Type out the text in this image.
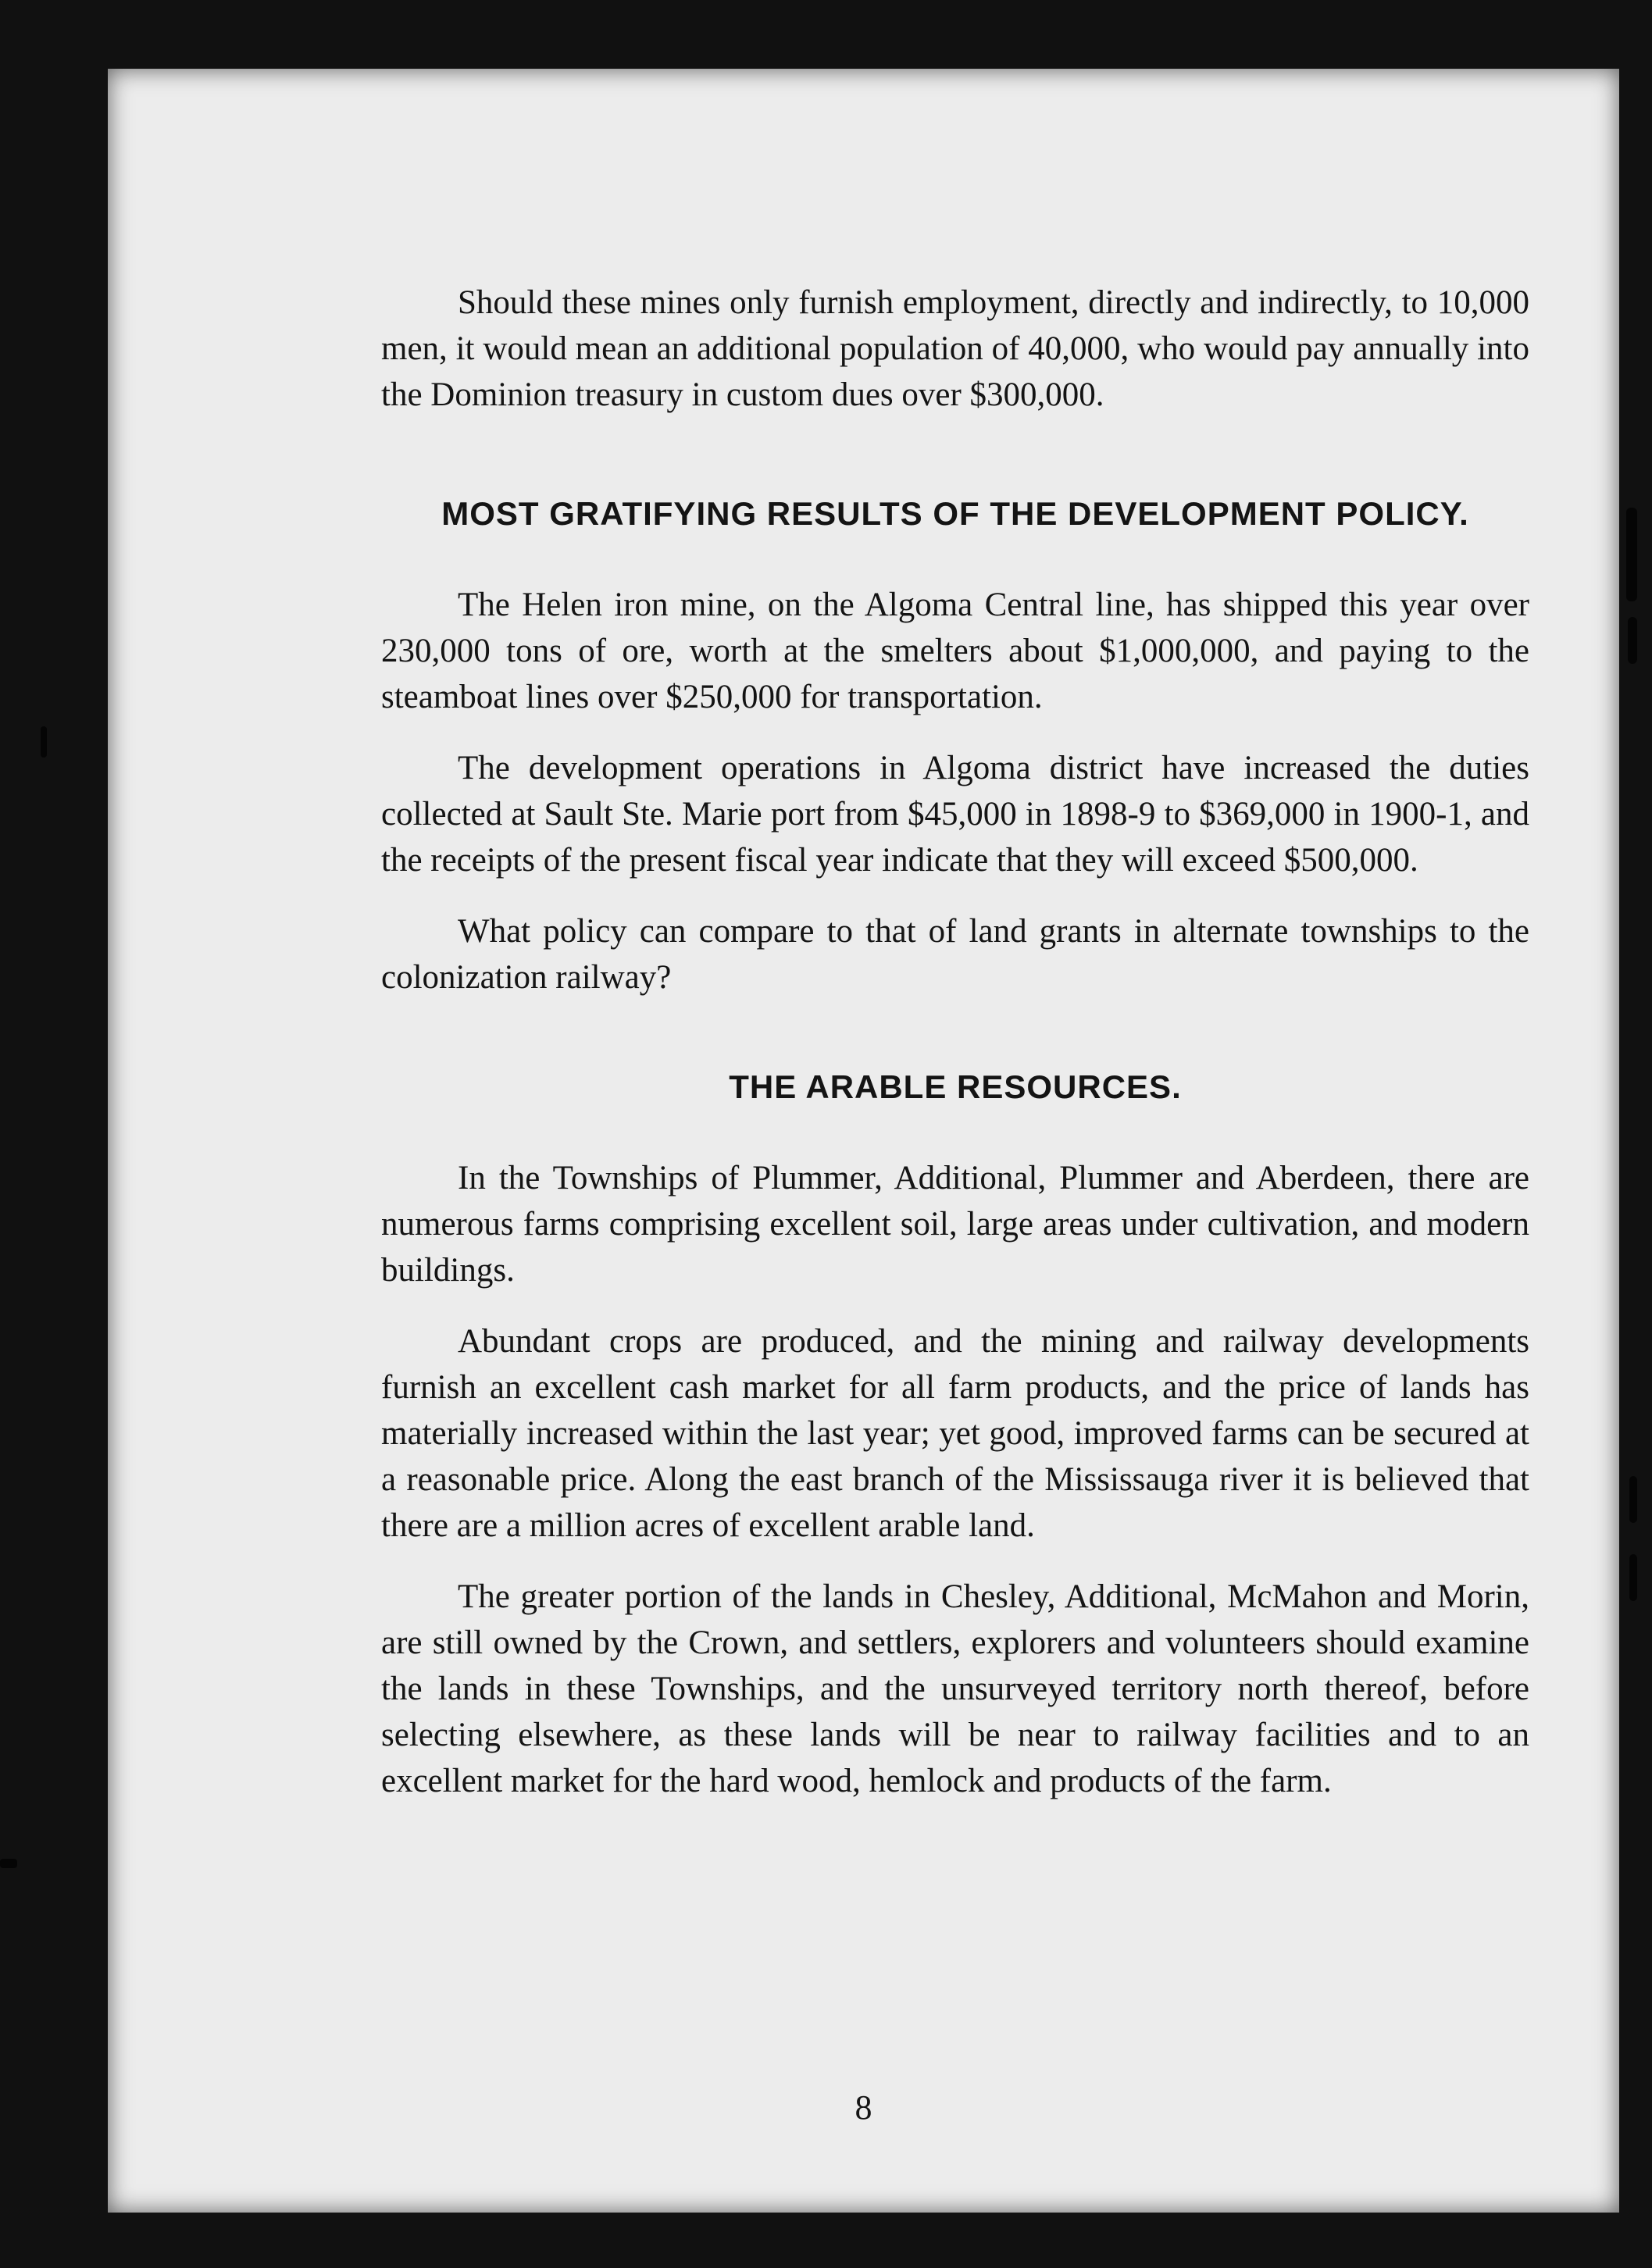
Should these mines only furnish employment, directly and indirectly, to 10,000 men, it would mean an additional population of 40,000, who would pay annually into the Dominion treasury in custom dues over $300,000.

MOST GRATIFYING RESULTS OF THE DEVELOPMENT POLICY.

The Helen iron mine, on the Algoma Central line, has shipped this year over 230,000 tons of ore, worth at the smelters about $1,000,000, and paying to the steamboat lines over $250,000 for transportation.

The development operations in Algoma district have increased the duties collected at Sault Ste. Marie port from $45,000 in 1898-9 to $369,000 in 1900-1, and the receipts of the present fiscal year indicate that they will exceed $500,000.

What policy can compare to that of land grants in alternate townships to the colonization railway?

THE ARABLE RESOURCES.

In the Townships of Plummer, Additional, Plummer and Aberdeen, there are numerous farms comprising excellent soil, large areas under cultivation, and modern buildings.

Abundant crops are produced, and the mining and railway developments furnish an excellent cash market for all farm products, and the price of lands has materially increased within the last year; yet good, improved farms can be secured at a reasonable price. Along the east branch of the Mississauga river it is believed that there are a million acres of excellent arable land.

The greater portion of the lands in Chesley, Additional, McMahon and Morin, are still owned by the Crown, and settlers, explorers and volunteers should examine the lands in these Townships, and the unsurveyed territory north thereof, before selecting elsewhere, as these lands will be near to railway facilities and to an excellent market for the hard wood, hemlock and products of the farm.

8
